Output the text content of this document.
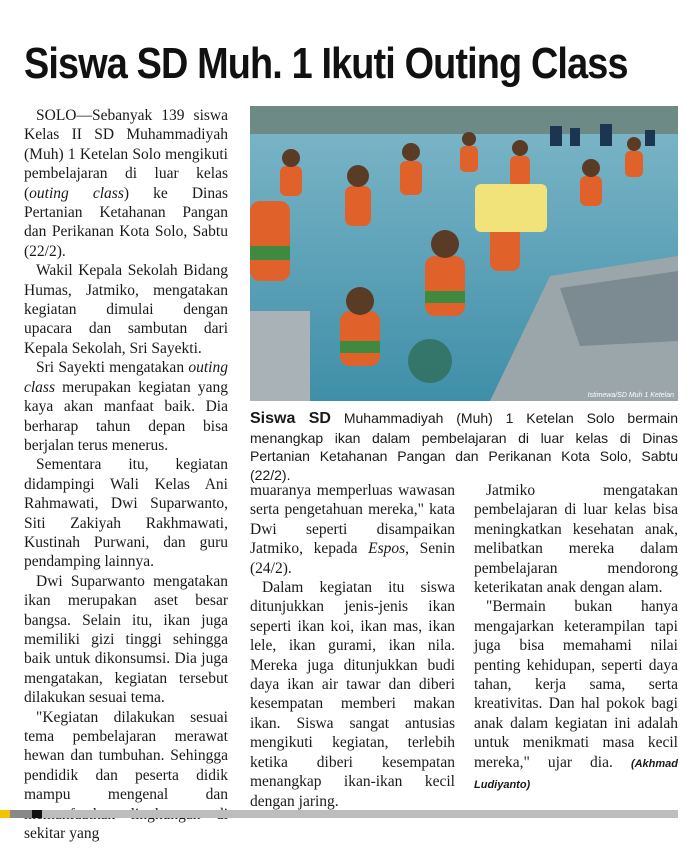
Siswa SD Muh. 1 Ikuti Outing Class

SOLO—Sebanyak 139 siswa Kelas II SD Muhammadiyah (Muh) 1 Ketelan Solo mengikuti pembelajaran di luar kelas (outing class) ke Dinas Pertanian Ketahanan Pangan dan Perikanan Kota Solo, Sabtu (22/2).

Wakil Kepala Sekolah Bidang Humas, Jatmiko, mengatakan kegiatan dimulai dengan upacara dan sambutan dari Kepala Sekolah, Sri Sayekti.

Sri Sayekti mengatakan outing class merupakan kegiatan yang kaya akan manfaat baik. Dia berharap tahun depan bisa berjalan terus menerus.

Sementara itu, kegiatan didampingi Wali Kelas Ani Rahmawati, Dwi Suparwanto, Siti Zakiyah Rakhmawati, Kustinah Purwani, dan guru pendamping lainnya.

Dwi Suparwanto mengatakan ikan merupakan aset besar bangsa. Selain itu, ikan juga memiliki gizi tinggi sehingga baik untuk dikonsumsi. Dia juga mengatakan, kegiatan tersebut dilakukan sesuai tema.

"Kegiatan dilakukan sesuai tema pembelajaran merawat hewan dan tumbuhan. Sehingga pendidik dan peserta didik mampu mengenal dan sekitar yang

Istimewa/SD Muh 1 Ketelan
Siswa SD Muhammadiyah (Muh) 1 Ketelan Solo bermain menangkap ikan dalam pembelajaran di luar kelas di Dinas Pertanian Ketahanan Pangan dan Perikanan Kota Solo, Sabtu (22/2).

muaranya memperluas wawasan serta pengetahuan mereka," kata Dwi seperti disampaikan Jatmiko, kepada Espos, Senin (24/2).

Dalam kegiatan itu siswa ditunjukkan jenis-jenis ikan seperti ikan koi, ikan mas, ikan lele, ikan gurami, ikan nila. Mereka juga ditunjukkan budi daya ikan air tawar dan diberi kesempatan memberi makan ikan. Siswa sangat antusias mengikuti kegiatan, terlebih ketika diberi kesempatan menangkap ikan-ikan kecil dengan jaring.

Jatmiko mengatakan pembelajaran di luar kelas bisa meningkatkan kesehatan anak, melibatkan mereka dalam pembelajaran mendorong keterikatan anak dengan alam.

"Bermain bukan hanya mengajarkan keterampilan tapi juga bisa memahami nilai penting kehidupan, seperti daya tahan, kerja sama, serta kreativitas. Dan hal pokok bagi anak dalam kegiatan ini adalah untuk menikmati masa kecil mereka," ujar dia. (Akhmad Ludiyanto)
